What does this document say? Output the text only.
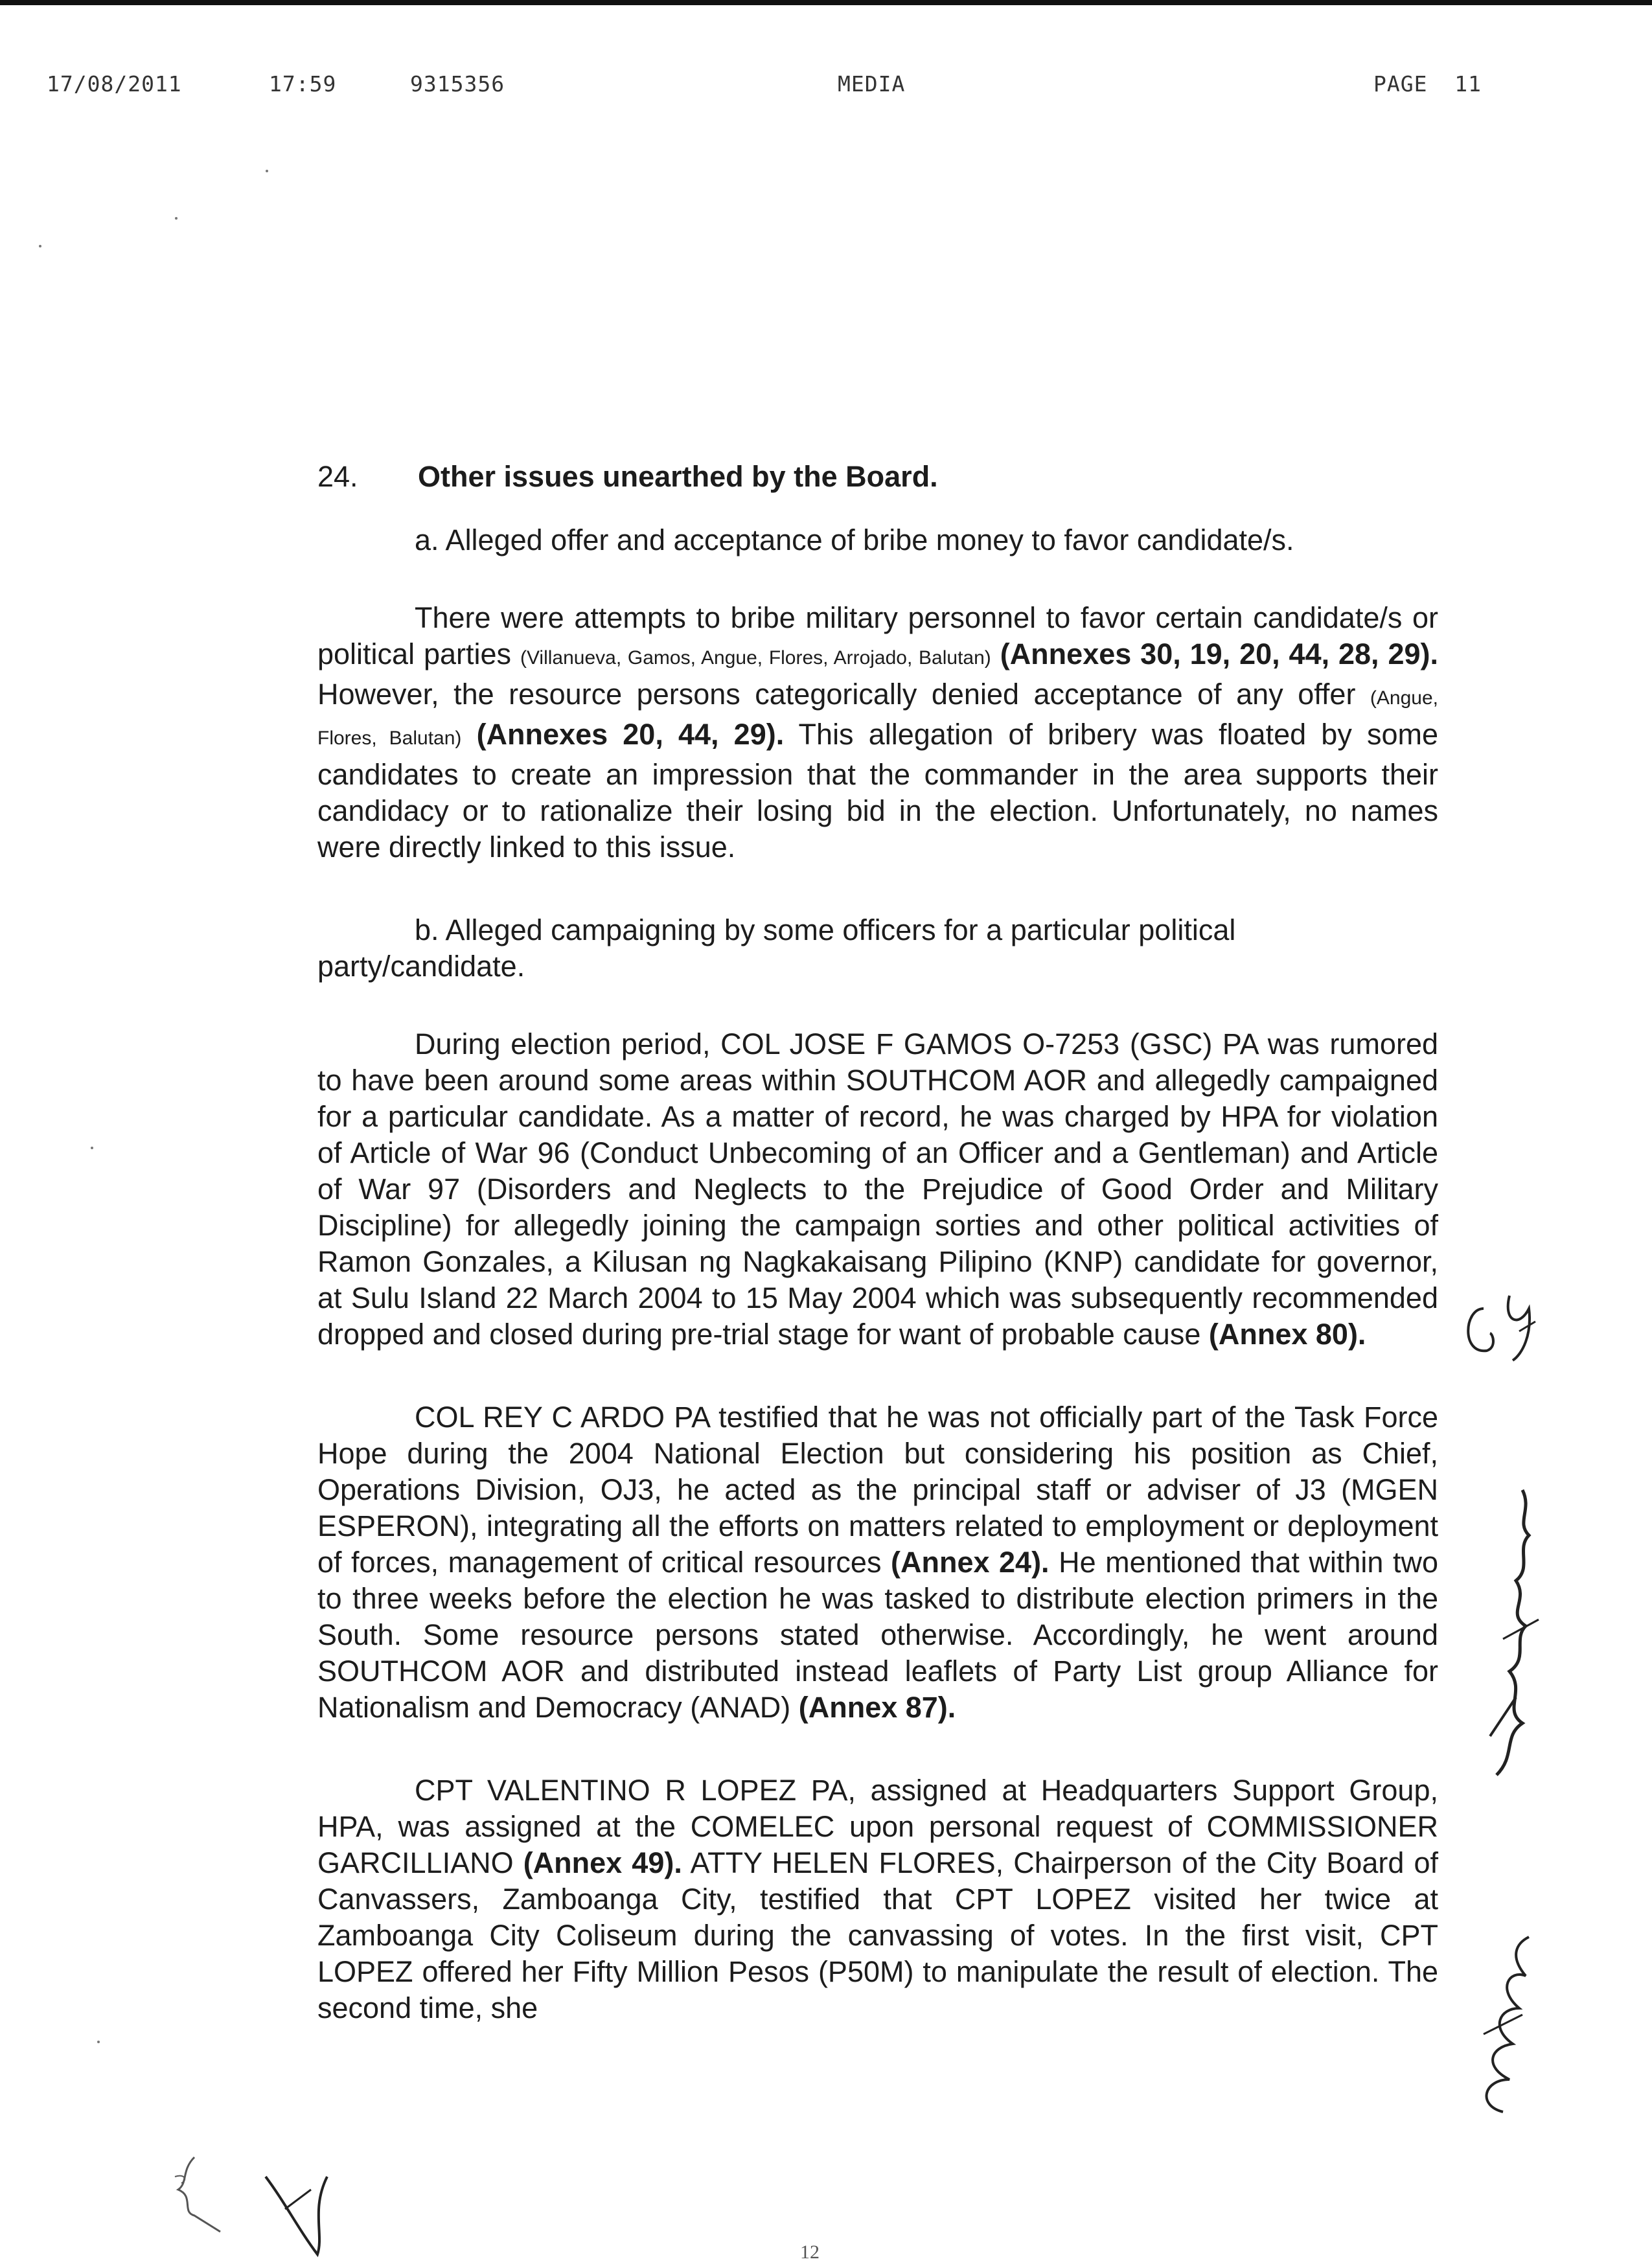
17/08/2011	17:59	9315356	MEDIA	PAGE  11
24.	Other issues unearthed by the Board.
a. Alleged offer and acceptance of bribe money to favor candidate/s.

There were attempts to bribe military personnel to favor certain candidate/s or political parties (Villanueva, Gamos, Angue, Flores, Arrojado, Balutan) (Annexes 30, 19, 20, 44, 28, 29). However, the resource persons categorically denied acceptance of any offer (Angue, Flores, Balutan) (Annexes 20, 44, 29). This allegation of bribery was floated by some candidates to create an impression that the commander in the area supports their candidacy or to rationalize their losing bid in the election. Unfortunately, no names were directly linked to this issue.

b. Alleged campaigning by some officers for a particular political party/candidate.

During election period, COL JOSE F GAMOS O-7253 (GSC) PA was rumored to have been around some areas within SOUTHCOM AOR and allegedly campaigned for a particular candidate. As a matter of record, he was charged by HPA for violation of Article of War 96 (Conduct Unbecoming of an Officer and a Gentleman) and Article of War 97 (Disorders and Neglects to the Prejudice of Good Order and Military Discipline) for allegedly joining the campaign sorties and other political activities of Ramon Gonzales, a Kilusan ng Nagkakaisang Pilipino (KNP) candidate for governor, at Sulu Island 22 March 2004 to 15 May 2004 which was subsequently recommended dropped and closed during pre-trial stage for want of probable cause (Annex 80).

COL REY C ARDO PA testified that he was not officially part of the Task Force Hope during the 2004 National Election but considering his position as Chief, Operations Division, OJ3, he acted as the principal staff or adviser of J3 (MGEN ESPERON), integrating all the efforts on matters related to employment or deployment of forces, management of critical resources (Annex 24). He mentioned that within two to three weeks before the election he was tasked to distribute election primers in the South. Some resource persons stated otherwise. Accordingly, he went around SOUTHCOM AOR and distributed instead leaflets of Party List group Alliance for Nationalism and Democracy (ANAD) (Annex 87).

CPT VALENTINO R LOPEZ PA, assigned at Headquarters Support Group, HPA, was assigned at the COMELEC upon personal request of COMMISSIONER GARCILLIANO (Annex 49). ATTY HELEN FLORES, Chairperson of the City Board of Canvassers, Zamboanga City, testified that CPT LOPEZ visited her twice at Zamboanga City Coliseum during the canvassing of votes. In the first visit, CPT LOPEZ offered her Fifty Million Pesos (P50M) to manipulate the result of election. The second time, she

12
